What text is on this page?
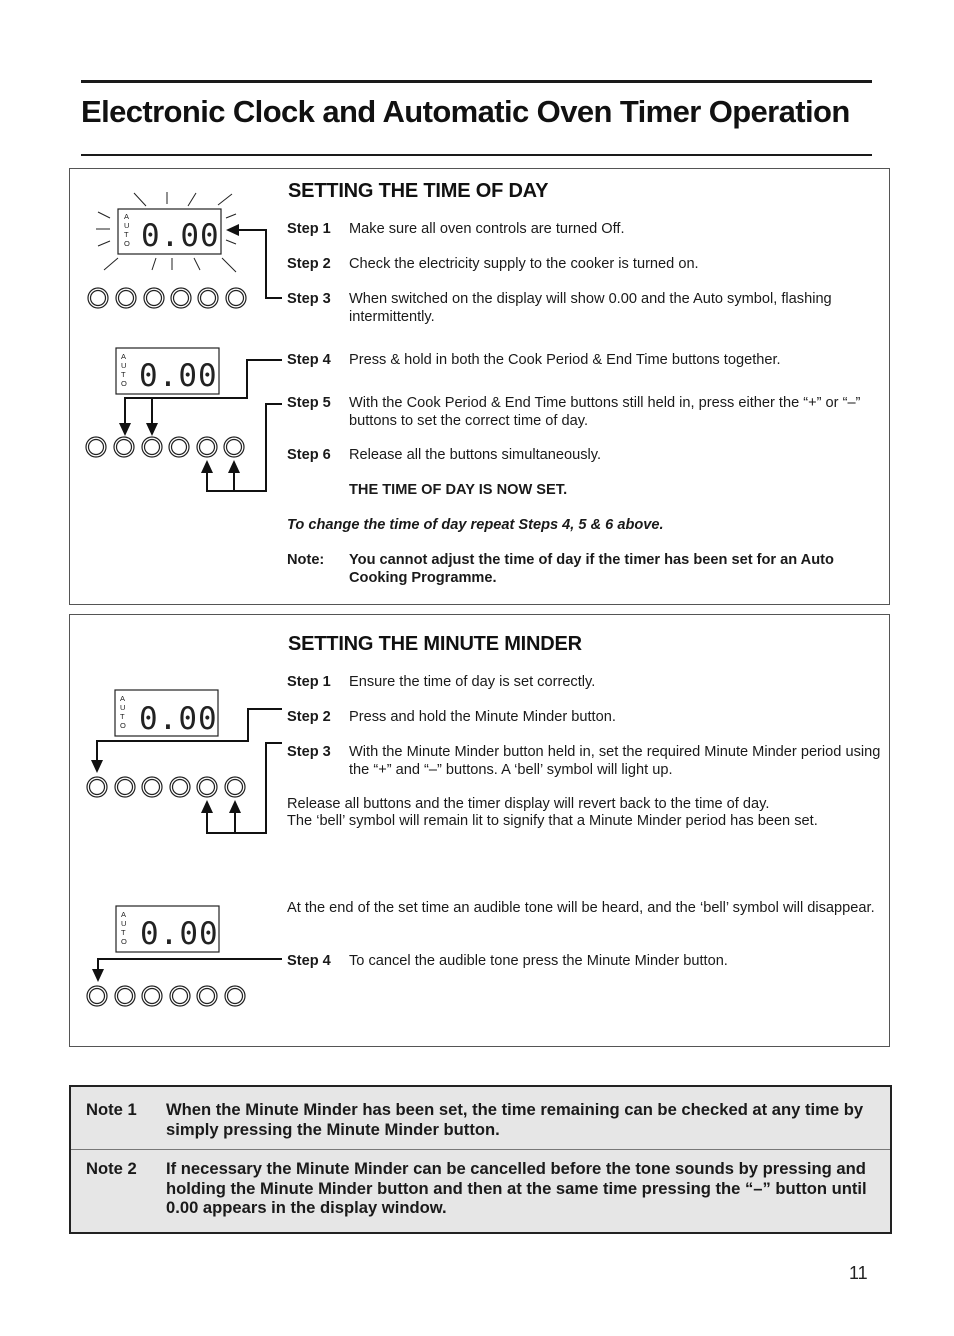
Electronic Clock and Automatic Oven Timer Operation
A
U
T
O 0.00
A
U
T
O 0.00
SETTING THE TIME OF DAY
Step 1 Make sure all oven controls are turned Off.
Step 2 Check the electricity supply to the cooker is turned on.
Step 3 When switched on the display will show 0.00 and the Auto symbol, flashing intermittently.
Step 4 Press & hold in both the Cook Period & End Time buttons together.
Step 5 With the Cook Period & End Time buttons still held in, press either the “+” or “–” buttons to set the correct time of day.
Step 6 Release all the buttons simultaneously.
THE TIME OF DAY IS NOW SET.
To change the time of day repeat Steps 4, 5 & 6 above.
Note: You cannot adjust the time of day if the timer has been set for an Auto Cooking Programme.
A
U
T
O 0.00
A
U
T
O 0.00
SETTING THE MINUTE MINDER
Step 1 Ensure the time of day is set correctly.
Step 2 Press and hold the Minute Minder button.
Step 3 With the Minute Minder button held in, set the required Minute Minder period using the “+” and “–” buttons. A ‘bell’ symbol will light up.
Release all buttons and the timer display will revert back to the time of day.
The ‘bell’ symbol will remain lit to signify that a Minute Minder period has been set.
At the end of the set time an audible tone will be heard, and the ‘bell’ symbol will disappear.
Step 4 To cancel the audible tone press the Minute Minder button.
Note 1 When the Minute Minder has been set, the time remaining can be checked at any time by simply pressing the Minute Minder button.
Note 2 If necessary the Minute Minder can be cancelled before the tone sounds by pressing and holding the Minute Minder button and then at the same time pressing the “–” button until 0.00 appears in the display window.
11
